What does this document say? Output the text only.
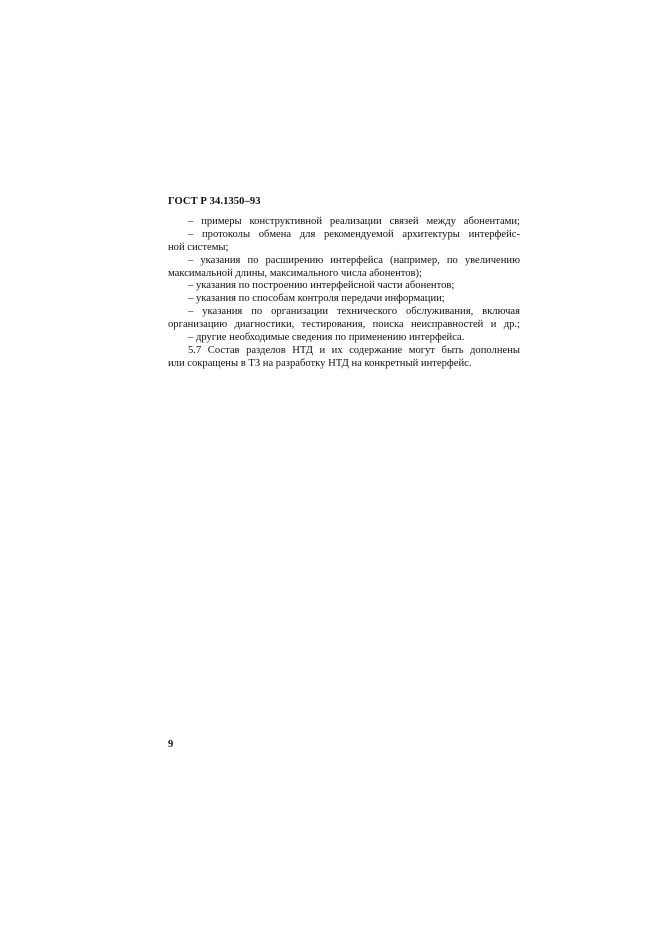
ГОСТ Р 34.1350–93
– примеры конструктивной реализации связей между абонентами;
– протоколы обмена для рекомендуемой архитектуры интерфейс-
ной системы;
– указания по расширению интерфейса (например, по увеличению
максимальной длины, максимального числа абонентов);
– указания по построению интерфейсной части абонентов;
– указания по способам контроля передачи информации;
– указания по организации технического обслуживания, включая
организацию диагностики, тестирования, поиска неисправностей и др.;
– другие необходимые сведения по применению интерфейса.
5.7 Состав разделов НТД и их содержание могут быть дополнены
или сокращены в ТЗ на разработку НТД на конкретный интерфейс.
9
